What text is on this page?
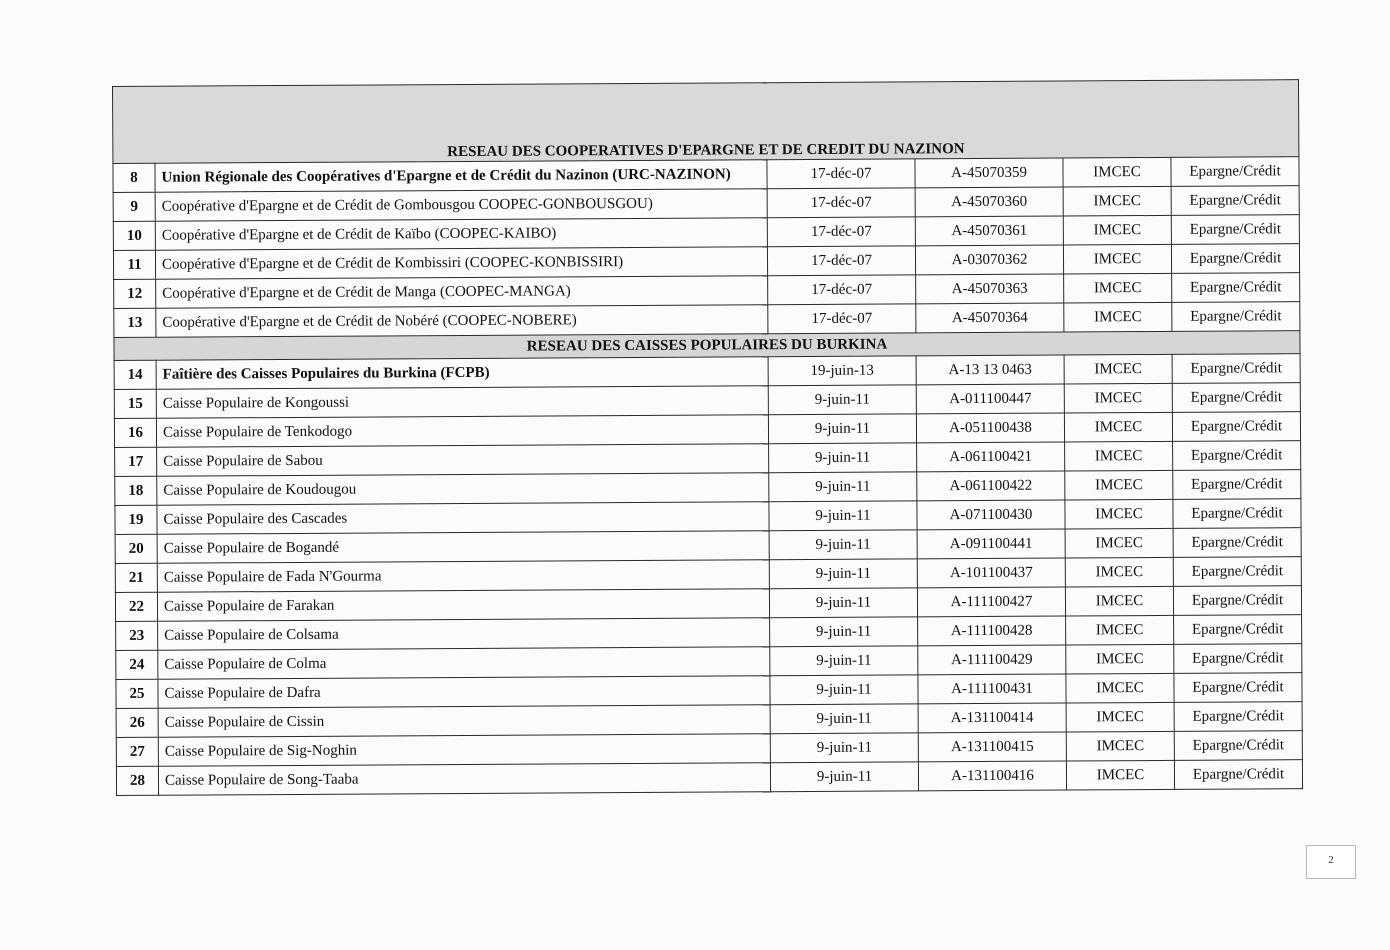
RESEAU DES COOPERATIVES D'EPARGNE ET DE CREDIT DU NAZINON					
8	Union Régionale des Coopératives d'Epargne et de Crédit du Nazinon (URC-NAZINON)	17-déc-07	A-45070359	IMCEC	Epargne/Crédit
9	Coopérative d'Epargne et de Crédit de Gombousgou COOPEC-GONBOUSGOU)	17-déc-07	A-45070360	IMCEC	Epargne/Crédit
10	Coopérative d'Epargne et de Crédit de Kaïbo (COOPEC-KAIBO)	17-déc-07	A-45070361	IMCEC	Epargne/Crédit
11	Coopérative d'Epargne et de Crédit de Kombissiri (COOPEC-KONBISSIRI)	17-déc-07	A-03070362	IMCEC	Epargne/Crédit
12	Coopérative d'Epargne et de Crédit de Manga (COOPEC-MANGA)	17-déc-07	A-45070363	IMCEC	Epargne/Crédit
13	Coopérative d'Epargne et de Crédit de Nobéré (COOPEC-NOBERE)	17-déc-07	A-45070364	IMCEC	Epargne/Crédit
RESEAU DES CAISSES POPULAIRES DU BURKINA					
14	Faîtière des Caisses Populaires du Burkina (FCPB)	19-juin-13	A-13 13 0463	IMCEC	Epargne/Crédit
15	Caisse Populaire de Kongoussi	9-juin-11	A-011100447	IMCEC	Epargne/Crédit
16	Caisse Populaire de Tenkodogo	9-juin-11	A-051100438	IMCEC	Epargne/Crédit
17	Caisse Populaire de Sabou	9-juin-11	A-061100421	IMCEC	Epargne/Crédit
18	Caisse Populaire de Koudougou	9-juin-11	A-061100422	IMCEC	Epargne/Crédit
19	Caisse Populaire des Cascades	9-juin-11	A-071100430	IMCEC	Epargne/Crédit
20	Caisse Populaire de Bogandé	9-juin-11	A-091100441	IMCEC	Epargne/Crédit
21	Caisse Populaire de Fada N'Gourma	9-juin-11	A-101100437	IMCEC	Epargne/Crédit
22	Caisse Populaire de Farakan	9-juin-11	A-111100427	IMCEC	Epargne/Crédit
23	Caisse Populaire de Colsama	9-juin-11	A-111100428	IMCEC	Epargne/Crédit
24	Caisse Populaire de Colma	9-juin-11	A-111100429	IMCEC	Epargne/Crédit
25	Caisse Populaire de Dafra	9-juin-11	A-111100431	IMCEC	Epargne/Crédit
26	Caisse Populaire de Cissin	9-juin-11	A-131100414	IMCEC	Epargne/Crédit
27	Caisse Populaire de Sig-Noghin	9-juin-11	A-131100415	IMCEC	Epargne/Crédit
28	Caisse Populaire de Song-Taaba	9-juin-11	A-131100416	IMCEC	Epargne/Crédit
2
